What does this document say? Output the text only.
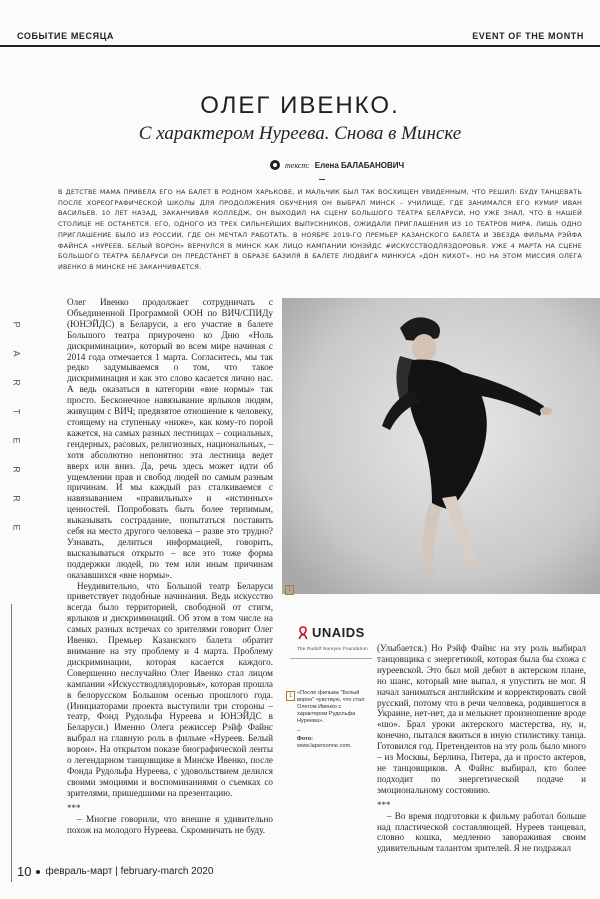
СОБЫТИЕ МЕСЯЦА	EVENT OF THE MONTH
ОЛЕГ ИВЕНКО.
С характером Нуреева. Снова в Минске
текст: Елена БАЛАБАНОВИЧ
В ДЕТСТВЕ МАМА ПРИВЕЛА ЕГО НА БАЛЕТ В РОДНОМ ХАРЬКОВЕ, И МАЛЬЧИК БЫЛ ТАК ВОСХИЩЕН УВИДЕННЫМ, ЧТО РЕШИЛ: БУДУ ТАНЦЕВАТЬ ПОСЛЕ ХОРЕОГРАФИЧЕСКОЙ ШКОЛЫ ДЛЯ ПРОДОЛЖЕНИЯ ОБУЧЕНИЯ ОН ВЫБРАЛ МИНСК – УЧИЛИЩЕ, ГДЕ ЗАНИМАЛСЯ ЕГО КУМИР ИВАН ВАСИЛЬЕВ. 10 ЛЕТ НАЗАД, ЗАКАНЧИВАЯ КОЛЛЕДЖ, ОН ВЫХОДИЛ НА СЦЕНУ БОЛЬШОГО ТЕАТРА БЕЛАРУСИ, НО УЖЕ ЗНАЛ, ЧТО В НАШЕЙ СТОЛИЦЕ НЕ ОСТАНЕТСЯ. ЕГО, ОДНОГО ИЗ ТРЕХ СИЛЬНЕЙШИХ ВЫПУСКНИКОВ, ОЖИДАЛИ ПРИГЛАШЕНИЯ ИЗ 10 ТЕАТРОВ МИРА. ЛИШЬ ОДНО ПРИГЛАШЕНИЕ БЫЛО ИЗ РОССИИ, ГДЕ ОН МЕЧТАЛ РАБОТАТЬ. В НОЯБРЕ 2019-ГО ПРЕМЬЕР КАЗАНСКОГО БАЛЕТА И ЗВЕЗДА ФИЛЬМА РЭЙФА ФАЙНСА «НУРЕЕВ. БЕЛЫЙ ВОРОН» ВЕРНУЛСЯ В МИНСК КАК ЛИЦО КАМПАНИИ ЮНЭЙДС #ИСКУССТВОДЛЯЗДОРОВЬЯ. УЖЕ 4 МАРТА НА СЦЕНЕ БОЛЬШОГО ТЕАТРА БЕЛАРУСИ ОН ПРЕДСТАНЕТ В ОБРАЗЕ БАЗИЛЯ В БАЛЕТЕ ЛЮДВИГА МИНКУСА «ДОН КИХОТ». НО НА ЭТОМ МИССИЯ ОЛЕГА ИВЕНКО В МИНСКЕ НЕ ЗАКАНЧИВАЕТСЯ.
P
A
R
T
E
R
R
E

Олег Ивенко продолжает сотрудничать с Объединенной Программой ООН по ВИЧ/СПИДу (ЮНЭЙДС) в Беларуси, а его участие в балете Большого театра приурочено ко Дню «Ноль дискриминации», который во всем мире начиная с 2014 года отмечается 1 марта. Согласитесь, мы так редко задумываемся о том, что такое дискриминация и как это слово касается лично нас. А ведь оказаться в категории «вне нормы» так просто. Бесконечное навязывание ярлыков людям, живущим с ВИЧ; предвзятое отношение к человеку, стоящему на ступеньку «ниже», как кому-то порой кажется, на самых разных лестницах – социальных, гендерных, расовых, религиозных, национальных, – хотя абсолютно непонятно: эта лестница ведет вверх или вниз. Да, речь здесь может идти об ущемлении прав и свобод людей по самым разным причинам. И мы каждый раз сталкиваемся с навязыванием «правильных» и «истинных» ценностей. Попробовать быть более терпимым, выказывать сострадание, попытаться поставить себя на место другого человека – разве это трудно? Узнавать, делиться информацией, говорить, высказываться открыто – все это тоже форма поддержки людей, по тем или иным причинам оказавшихся «вне нормы».

Неудивительно, что Большой театр Беларуси приветствует подобные начинания. Ведь искусство всегда было территорией, свободной от стигм, ярлыков и дискриминаций. Об этом в том числе на самых разных встречах со зрителями говорит Олег Ивенко. Премьер Казанского балета обратит внимание на эту проблему и 4 марта. Проблему дискриминации, которая касается каждого. Совершенно неслучайно Олег Ивенко стал лицом кампании «Искусстводляздоровья», которая прошла в белорусском Большом осенью прошлого года. (Инициаторами проекта выступили три стороны – театр, Фонд Рудольфа Нуреева и ЮНЭЙДС в Беларуси.) Именно Олега режиссер Рэйф Файнс выбрал на главную роль в фильме «Нуреев. Белый ворон». На открытом показе биографической ленты о легендарном танцовщике в Минске Ивенко, после Фонда Рудольфа Нуреева, с удовольствием делился своими эмоциями и воспоминаниями о съемках со зрителями, пришедшими на презентацию.

***

– Многие говорили, что внешне я удивительно похож на молодого Нуреева. Скромничать не буду.

1
UNAIDS
The Rudolf Nureyev Foundation
1 «После фильма "Белый ворон" чувствую, что стал Олегом Ивенко с характером Рудольфа Нуреева».
–
Фото:
www.lapersonne.com.

(Улыбается.) Но Рэйф Файнс на эту роль выбирал танцовщика с энергетикой, которая была бы схожа с нуреевской. Это был мой дебют в актерском плане, но шанс, который мне выпал, я упустить не мог. Я начал заниматься английским и корректировать свой русский, потому что в речи человека, родившегося в Украине, нет-нет, да и мелькнет произношение вроде «шо». Брал уроки актерского мастерства, ну, и, конечно, пытался вжиться в иную стилистику танца. Готовился год. Претендентов на эту роль было много – из Москвы, Берлина, Питера, да и просто актеров, не танцовщиков. А Файнс выбирал, кто более подходит по энергетической подаче и эмоциональному состоянию.

***

– Во время подготовки к фильму работал больше над пластической составляющей. Нуреев танцевал, словно кошка, медленно завораживая своим удивительным талантом зрителей. Я не подражал

10 февраль-март | february-march 2020
